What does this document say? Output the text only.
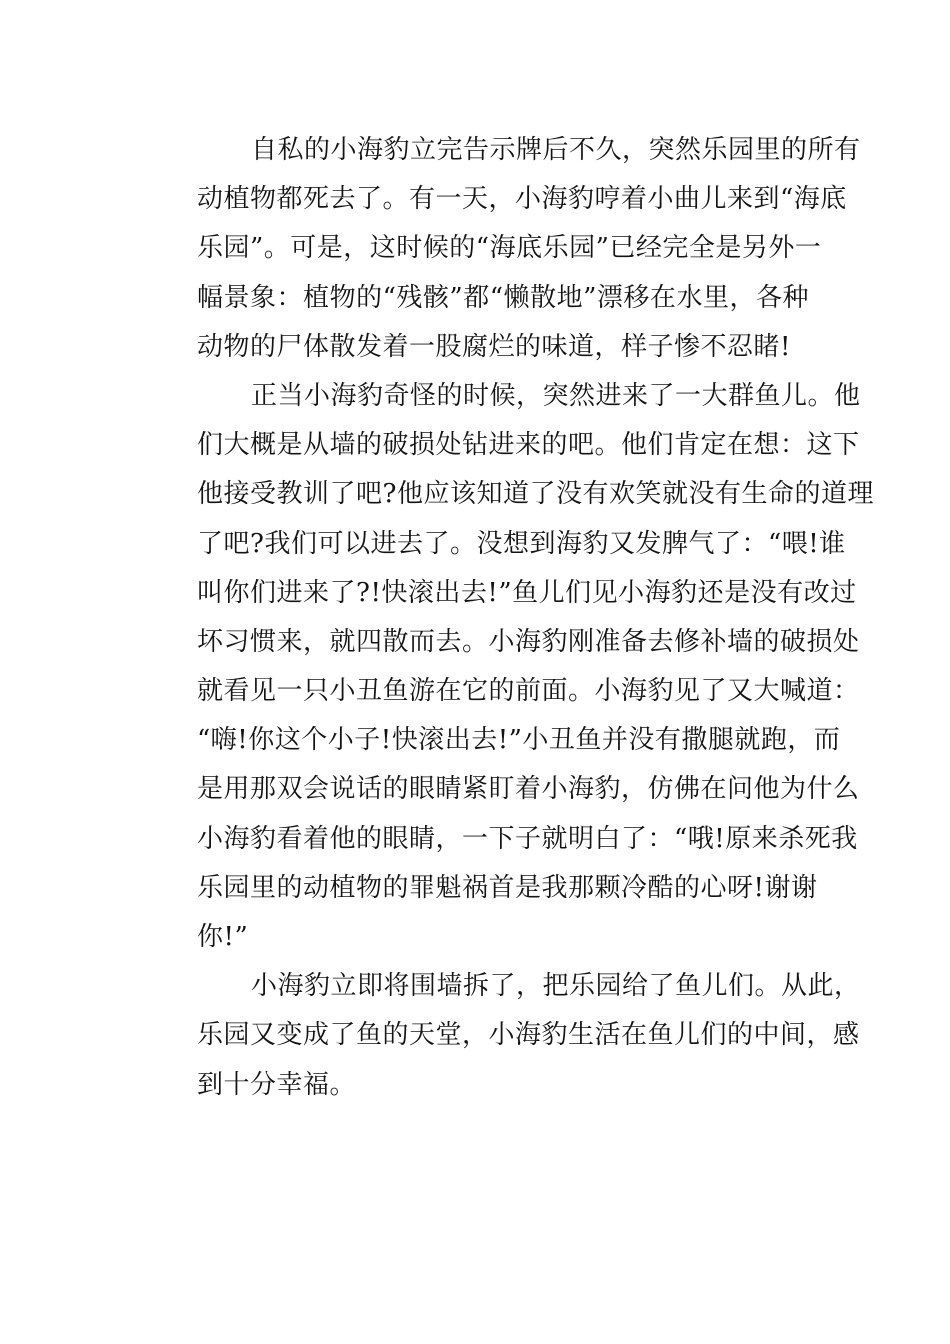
自私的小海豹立完告示牌后不久，突然乐园里的所有
动植物都死去了。有一天，小海豹哼着小曲儿来到“海底
乐园”。可是，这时候的“海底乐园”已经完全是另外一
幅景象：植物的“残骸”都“懒散地”漂移在水里，各种
动物的尸体散发着一股腐烂的味道，样子惨不忍睹!
正当小海豹奇怪的时候，突然进来了一大群鱼儿。他
们大概是从墙的破损处钻进来的吧。他们肯定在想：这下
他接受教训了吧?他应该知道了没有欢笑就没有生命的道理
了吧?我们可以进去了。没想到海豹又发脾气了：“喂!谁
叫你们进来了?!快滚出去!”鱼儿们见小海豹还是没有改过
坏习惯来，就四散而去。小海豹刚准备去修补墙的破损处
就看见一只小丑鱼游在它的前面。小海豹见了又大喊道：
“嗨!你这个小子!快滚出去!”小丑鱼并没有撒腿就跑，而
是用那双会说话的眼睛紧盯着小海豹，仿佛在问他为什么
小海豹看着他的眼睛，一下子就明白了：“哦!原来杀死我
乐园里的动植物的罪魁祸首是我那颗冷酷的心呀!谢谢
你!”
小海豹立即将围墙拆了，把乐园给了鱼儿们。从此，
乐园又变成了鱼的天堂，小海豹生活在鱼儿们的中间，感
到十分幸福。
